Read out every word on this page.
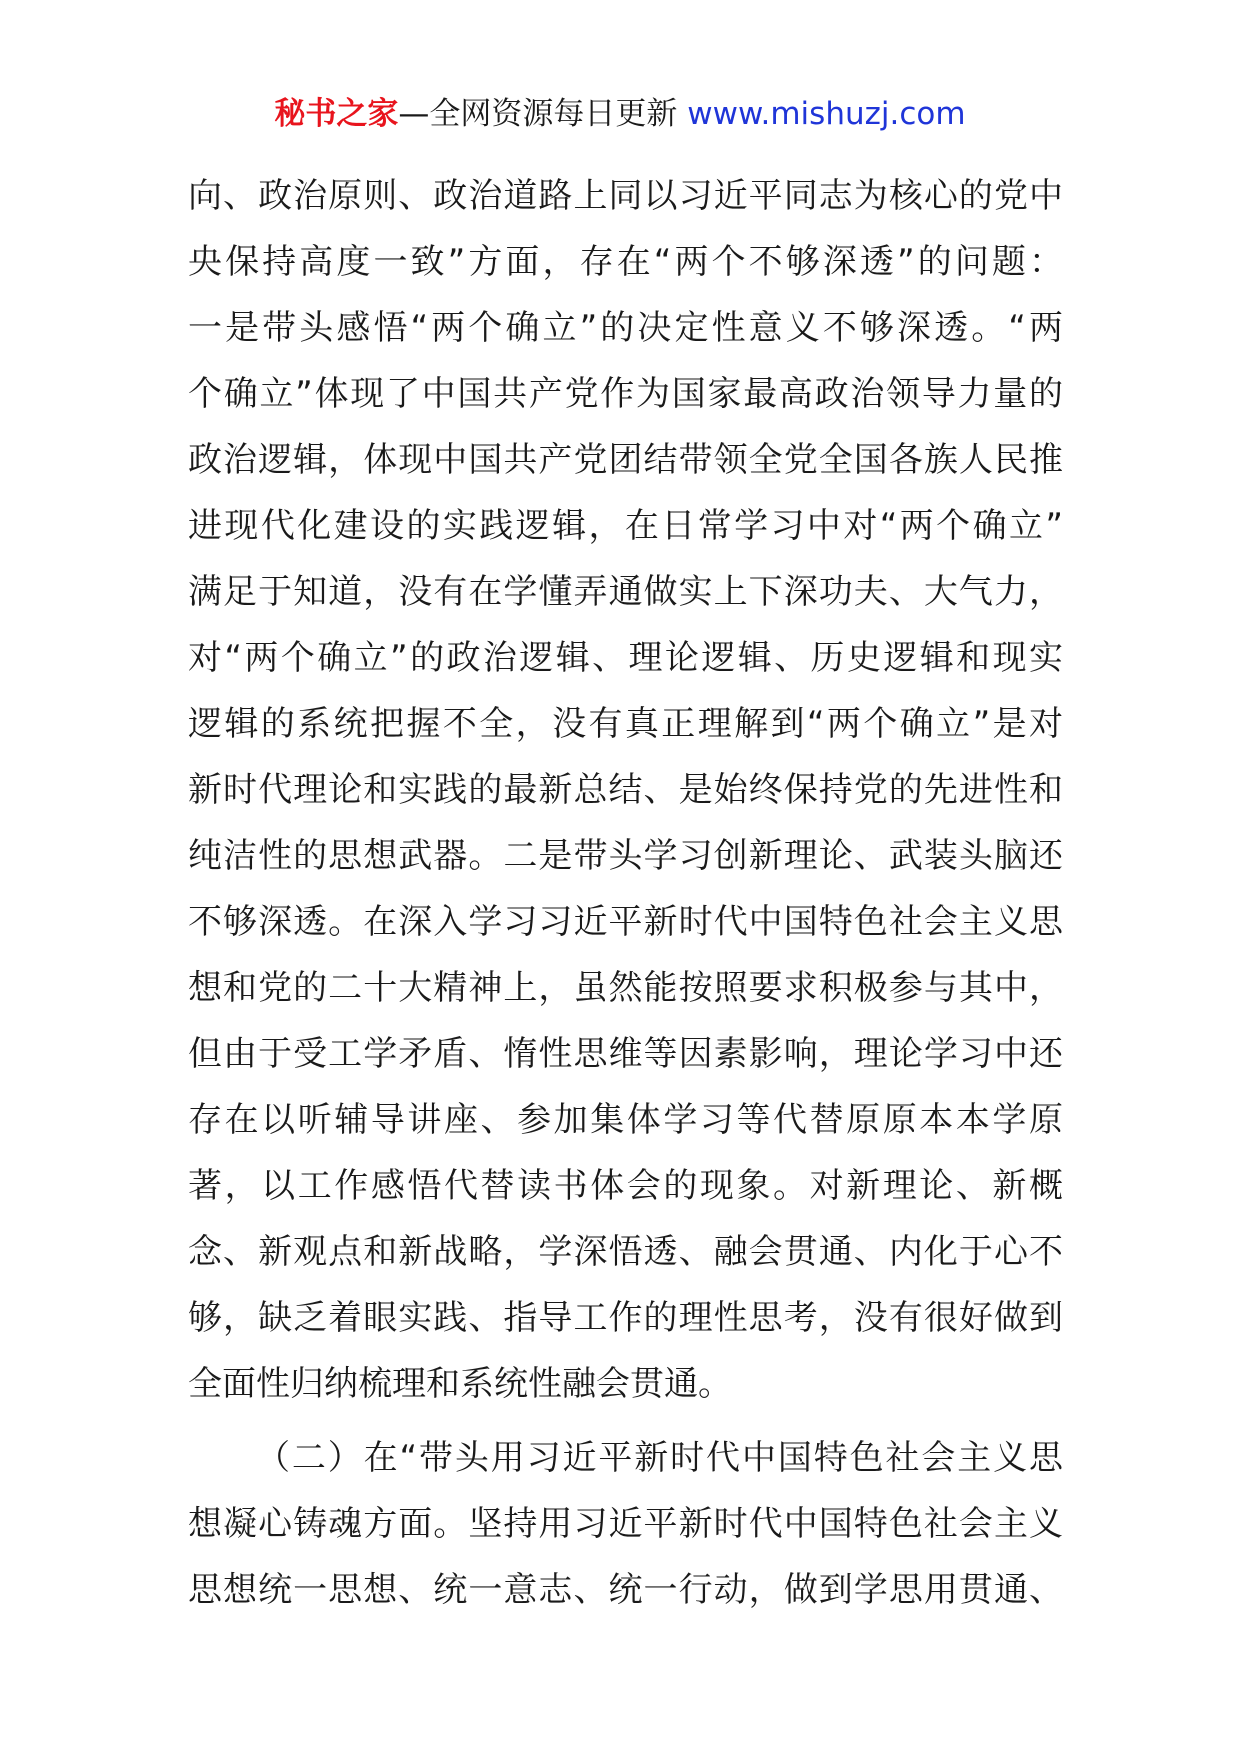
秘书之家—全网资源每日更新 www.mishuzj.com
向、政治原则、政治道路上同以习近平同志为核心的党中
央保持高度一致”方面，存在“两个不够深透”的问题：
一是带头感悟“两个确立”的决定性意义不够深透。“两
个确立”体现了中国共产党作为国家最高政治领导力量的
政治逻辑，体现中国共产党团结带领全党全国各族人民推
进现代化建设的实践逻辑，在日常学习中对“两个确立”
满足于知道，没有在学懂弄通做实上下深功夫、大气力，
对“两个确立”的政治逻辑、理论逻辑、历史逻辑和现实
逻辑的系统把握不全，没有真正理解到“两个确立”是对
新时代理论和实践的最新总结、是始终保持党的先进性和
纯洁性的思想武器。二是带头学习创新理论、武装头脑还
不够深透。在深入学习习近平新时代中国特色社会主义思
想和党的二十大精神上，虽然能按照要求积极参与其中，
但由于受工学矛盾、惰性思维等因素影响，理论学习中还
存在以听辅导讲座、参加集体学习等代替原原本本学原
著，以工作感悟代替读书体会的现象。对新理论、新概
念、新观点和新战略，学深悟透、融会贯通、内化于心不
够，缺乏着眼实践、指导工作的理性思考，没有很好做到
全面性归纳梳理和系统性融会贯通。
（二）在“带头用习近平新时代中国特色社会主义思
想凝心铸魂方面。坚持用习近平新时代中国特色社会主义
思想统一思想、统一意志、统一行动，做到学思用贯通、
